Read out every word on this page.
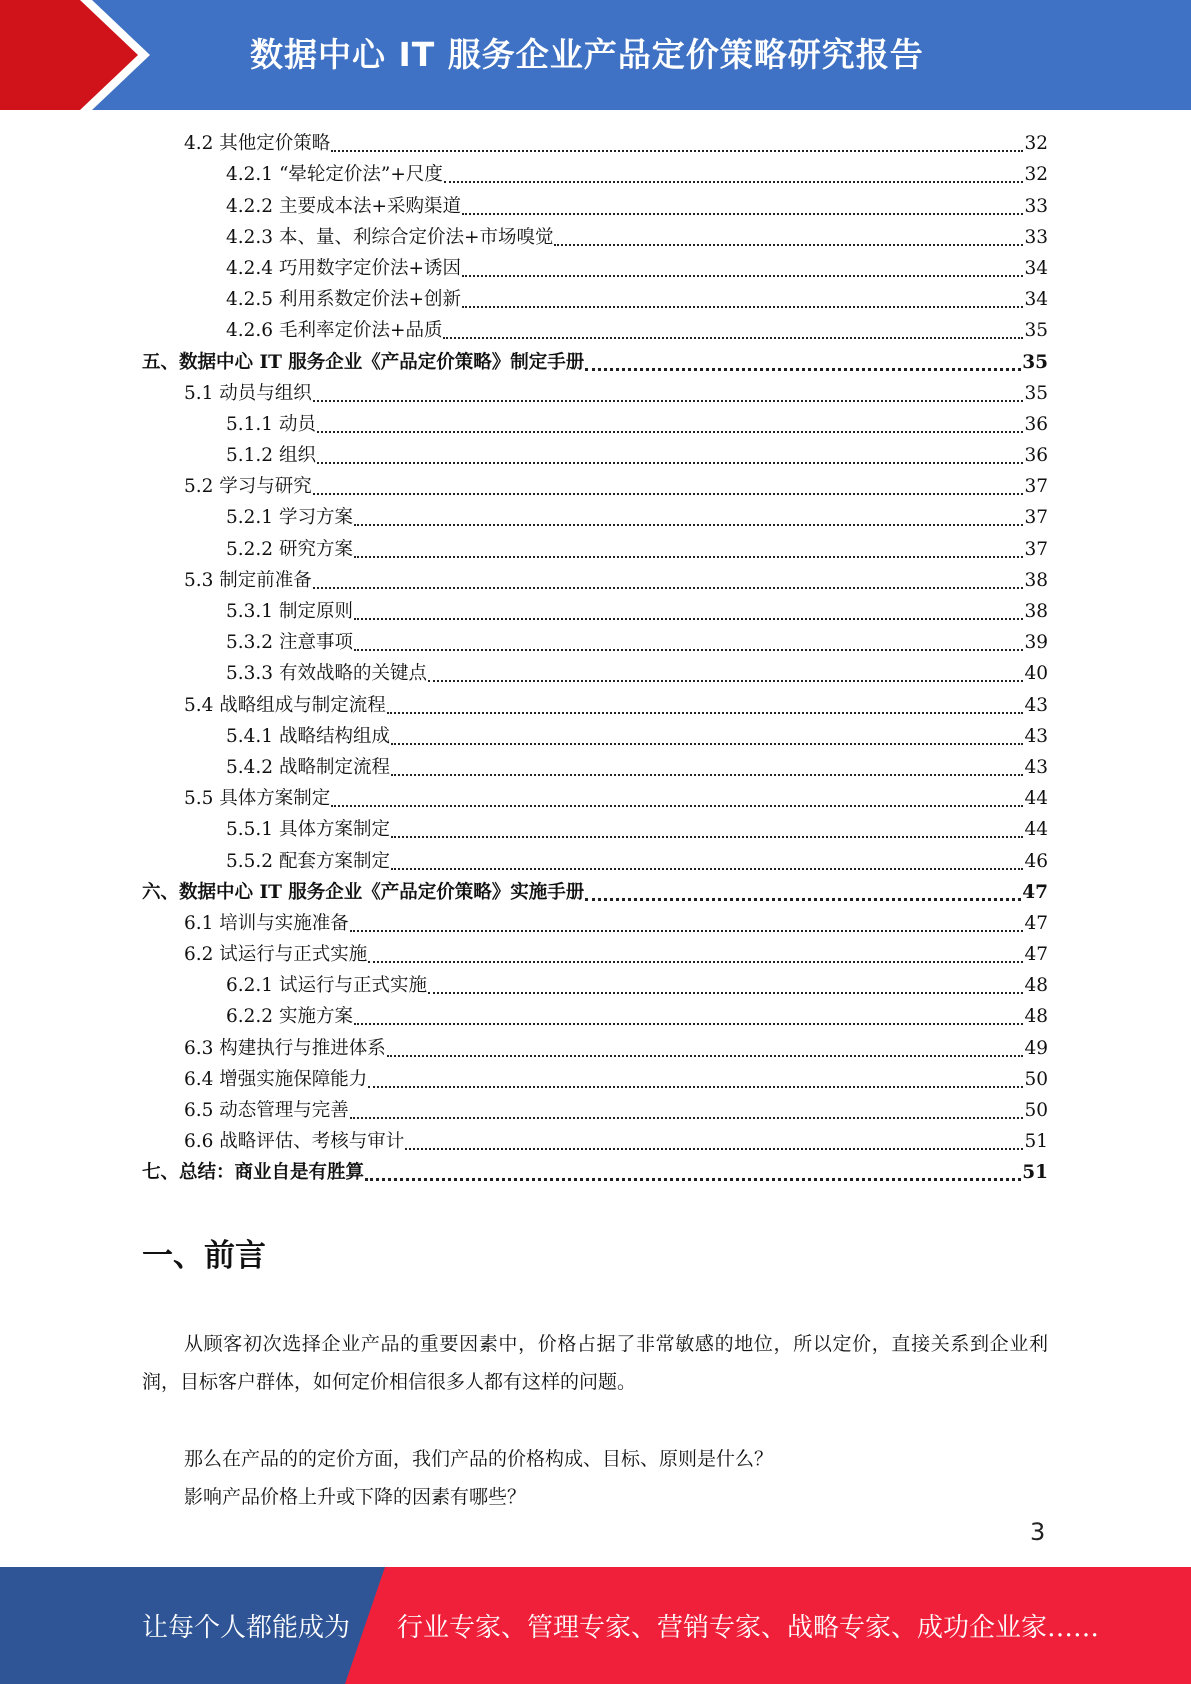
数据中心 IT 服务企业产品定价策略研究报告
4.2 其他定价策略	32
4.2.1 “晕轮定价法”+尺度	32
4.2.2 主要成本法+采购渠道	33
4.2.3 本、量、利综合定价法+市场嗅觉	33
4.2.4 巧用数字定价法+诱因	34
4.2.5 利用系数定价法+创新	34
4.2.6 毛利率定价法+品质	35
五、数据中心 IT 服务企业《产品定价策略》制定手册	35
5.1 动员与组织	35
5.1.1 动员	36
5.1.2 组织	36
5.2 学习与研究	37
5.2.1 学习方案	37
5.2.2 研究方案	37
5.3 制定前准备	38
5.3.1 制定原则	38
5.3.2 注意事项	39
5.3.3 有效战略的关键点	40
5.4 战略组成与制定流程	43
5.4.1 战略结构组成	43
5.4.2 战略制定流程	43
5.5 具体方案制定	44
5.5.1 具体方案制定	44
5.5.2 配套方案制定	46
六、数据中心 IT 服务企业《产品定价策略》实施手册	47
6.1 培训与实施准备	47
6.2 试运行与正式实施	47
6.2.1 试运行与正式实施	48
6.2.2 实施方案	48
6.3 构建执行与推进体系	49
6.4 增强实施保障能力	50
6.5 动态管理与完善	50
6.6 战略评估、考核与审计	51
七、总结：商业自是有胜算	51
一、前言
从顾客初次选择企业产品的重要因素中，价格占据了非常敏感的地位，所以定价，直接关系到企业利润，目标客户群体，如何定价相信很多人都有这样的问题。
那么在产品的的定价方面，我们产品的价格构成、目标、原则是什么？
影响产品价格上升或下降的因素有哪些？
3
让每个人都能成为 行业专家、管理专家、营销专家、战略专家、成功企业家……
